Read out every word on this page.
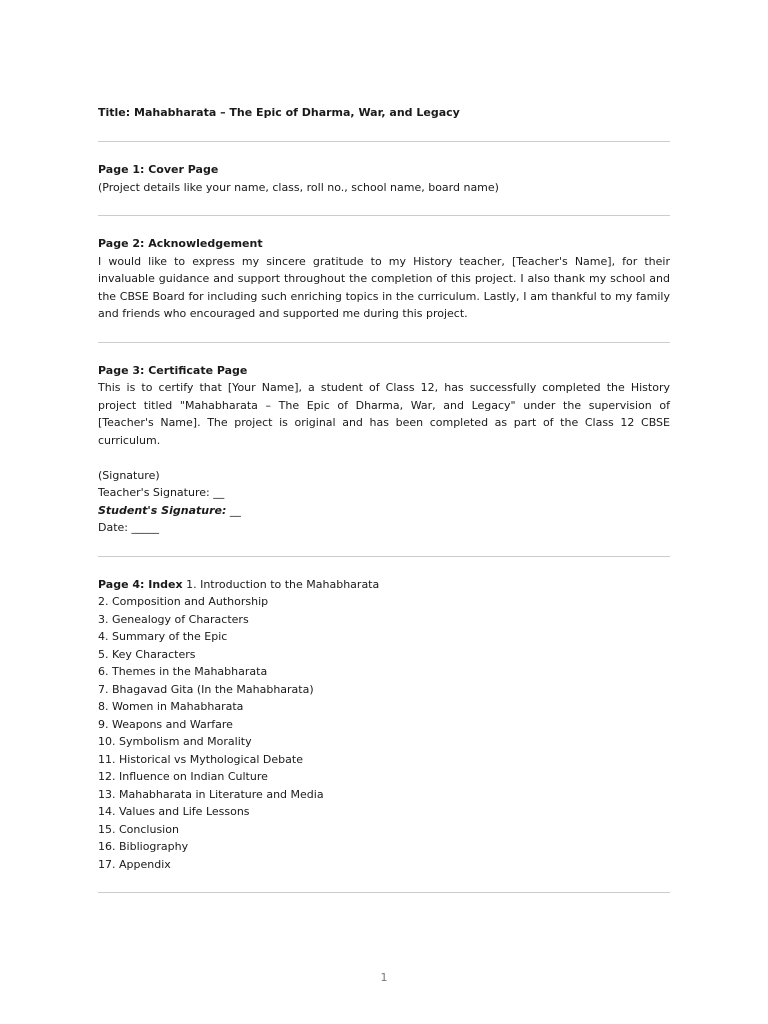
Title: Mahabharata – The Epic of Dharma, War, and Legacy
Page 1: Cover Page
(Project details like your name, class, roll no., school name, board name)
Page 2: Acknowledgement

I would like to express my sincere gratitude to my History teacher, [Teacher's Name], for their invaluable guidance and support throughout the completion of this project. I also thank my school and the CBSE Board for including such enriching topics in the curriculum. Lastly, I am thankful to my family and friends who encouraged and supported me during this project.

Page 3: Certificate Page

This is to certify that [Your Name], a student of Class 12, has successfully completed the History project titled "Mahabharata – The Epic of Dharma, War, and Legacy" under the supervision of [Teacher's Name]. The project is original and has been completed as part of the Class 12 CBSE curriculum.

(Signature)
Teacher's Signature: __
Student's Signature: __
Date: _____
Page 4: Index 1. Introduction to the Mahabharata
2. Composition and Authorship
3. Genealogy of Characters
4. Summary of the Epic
5. Key Characters
6. Themes in the Mahabharata
7. Bhagavad Gita (In the Mahabharata)
8. Women in Mahabharata
9. Weapons and Warfare
10. Symbolism and Morality
11. Historical vs Mythological Debate
12. Influence on Indian Culture
13. Mahabharata in Literature and Media
14. Values and Life Lessons
15. Conclusion
16. Bibliography
17. Appendix
1
